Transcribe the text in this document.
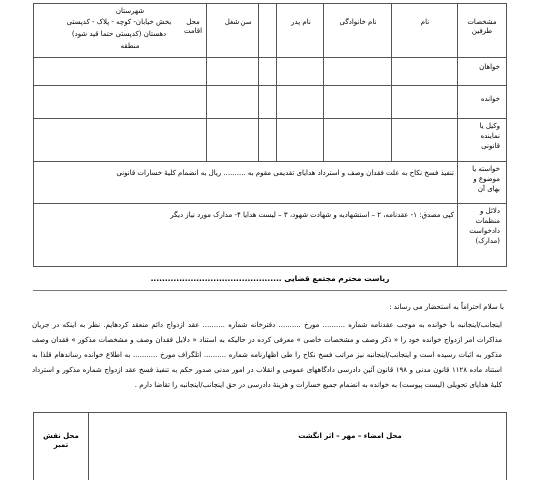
مشخصات طرفین
نام
نام خانوادگی
نام پدر
سن
شغل
محل اقامت
شهرستان
بخش خیابان- کوچه - پلاک - کدپستی
دهستان (کدپستی حتما قید شود)
منطقه
خواهان
خوانده
وکیل یا نماینده قانونی
خواسته یا موضوع و بهای آن
دلائل و منظمات دادخواست (مدارک)
تنفیذ فسخ نکاح به علت فقدان وصف و استرداد هدایای تقدیمی مقوم به .......... ریال به انضمام کلیهٔ خسارات قانونی
کپی مصدق: ۱- عقدنامه، ۲ – استشهادیه و شهادت شهود، ۳ – لیست هدایا ۴- مدارک مورد نیاز دیگر
ریاست محترم مجتمع قضایی ..............................................
با سلام احتراماً به استحضار می رساند :
اینجانب/اینجانبه با خوانده به موجب عقدنامه شماره .......... مورخ .......... دفترخانه شماره .......... عقد ازدواج دائم منعقد کردهایم. نظر به اینکه در جریان مذاکرات امر ازدواج خوانده خود را « ذکر وصف و مشخصات خاصی » معرفی کرده در حالیکه به استناد « دلایل فقدان وصف و مشخصات مذکور » فقدان وصف مذکور به اثبات رسیده است و اینجانب/اینجانبه نیز مراتب فسخ نکاح را طی اظهارنامه شماره .......... اتلگراف مورخ ........... به اطلاع خوانده رساندهام قلذا به استناد ماده ۱۱۲۸ قانون مدنی و ۱۹۸ قانون آئین دادرسی دادگاههای عمومی و انقلاب در امور مدنی صدور حکم به تنفیذ فسخ عقد ازدواج شماره مذکور و استرداد کلیهٔ هدایای تحویلی (لیست پیوست) به خوانده به انضمام جمیع خسارات و هزینهٔ دادرسی در حق اینجانب/اینجانبه را تقاضا دارم .
محل امضاء – مهر – اثر انگشت
محل نقش تمبر
